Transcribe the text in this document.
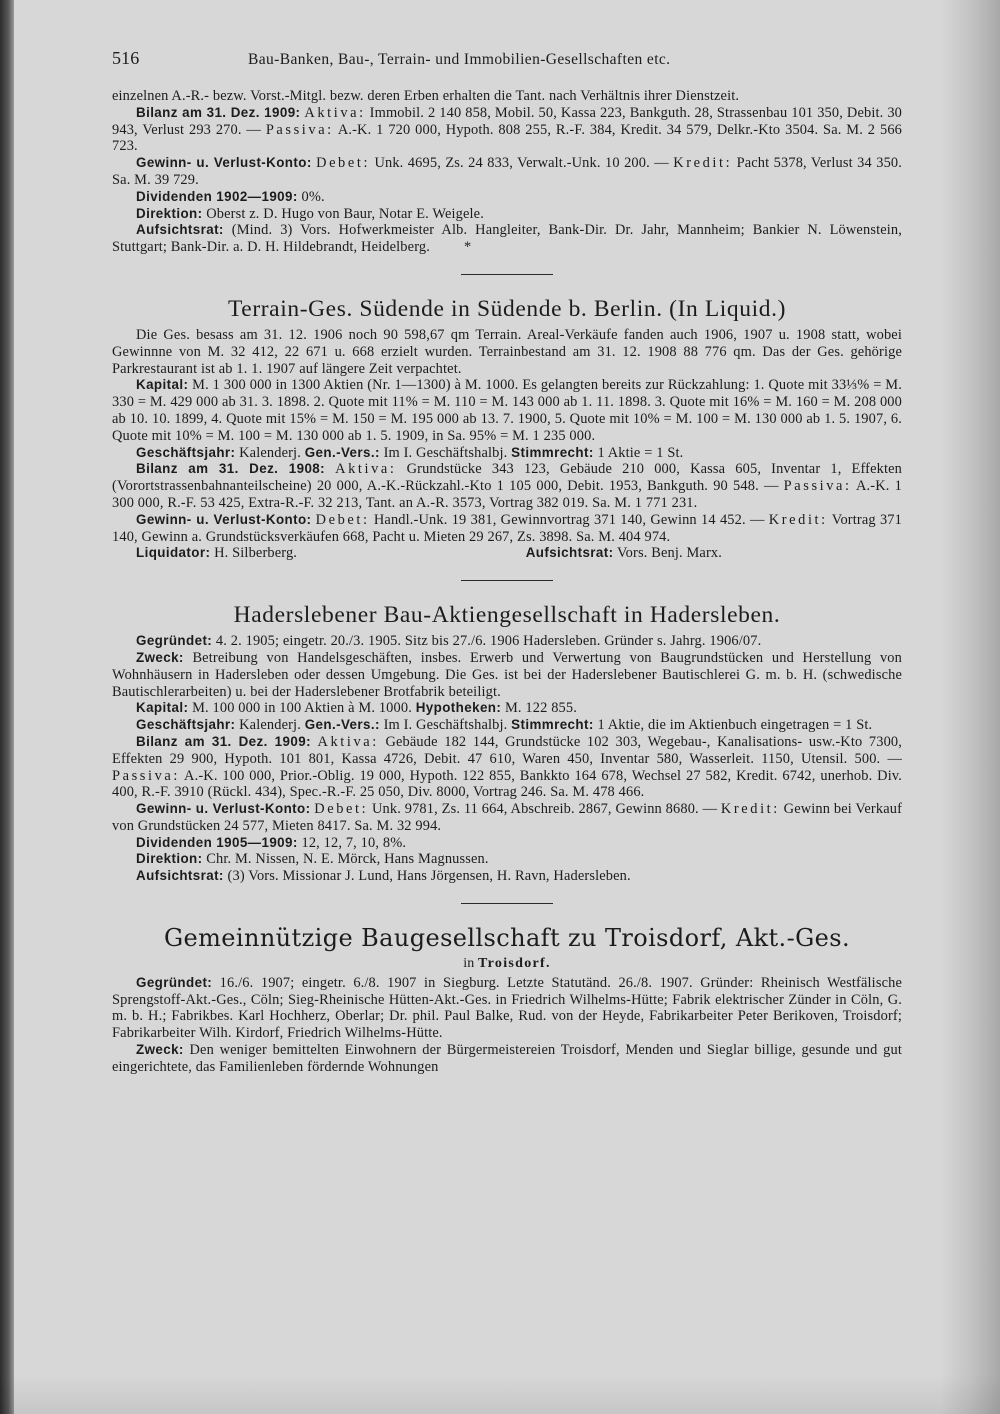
516	Bau-Banken, Bau-, Terrain- und Immobilien-Gesellschaften etc.

einzelnen A.-R.- bezw. Vorst.-Mitgl. bezw. deren Erben erhalten die Tant. nach Verhältnis ihrer Dienstzeit.

Bilanz am 31. Dez. 1909: Aktiva: Immobil. 2 140 858, Mobil. 50, Kassa 223, Bankguth. 28, Strassenbau 101 350, Debit. 30 943, Verlust 293 270. — Passiva: A.-K. 1 720 000, Hypoth. 808 255, R.-F. 384, Kredit. 34 579, Delkr.-Kto 3504. Sa. M. 2 566 723.

Gewinn- u. Verlust-Konto: Debet: Unk. 4695, Zs. 24 833, Verwalt.-Unk. 10 200. — Kredit: Pacht 5378, Verlust 34 350. Sa. M. 39 729.

Dividenden 1902—1909: 0%.

Direktion: Oberst z. D. Hugo von Baur, Notar E. Weigele.

Aufsichtsrat: (Mind. 3) Vors. Hofwerkmeister Alb. Hangleiter, Bank-Dir. Dr. Jahr, Mannheim; Bankier N. Löwenstein, Stuttgart; Bank-Dir. a. D. H. Hildebrandt, Heidelberg. *

Terrain-Ges. Südende in Südende b. Berlin. (In Liquid.)

Die Ges. besass am 31. 12. 1906 noch 90 598,67 qm Terrain. Areal-Verkäufe fanden auch 1906, 1907 u. 1908 statt, wobei Gewinnne von M. 32 412, 22 671 u. 668 erzielt wurden. Terrainbestand am 31. 12. 1908 88 776 qm. Das der Ges. gehörige Parkrestaurant ist ab 1. 1. 1907 auf längere Zeit verpachtet.

Kapital: M. 1 300 000 in 1300 Aktien (Nr. 1—1300) à M. 1000. Es gelangten bereits zur Rückzahlung: 1. Quote mit 33⅓% = M. 330 = M. 429 000 ab 31. 3. 1898. 2. Quote mit 11% = M. 110 = M. 143 000 ab 1. 11. 1898. 3. Quote mit 16% = M. 160 = M. 208 000 ab 10. 10. 1899, 4. Quote mit 15% = M. 150 = M. 195 000 ab 13. 7. 1900, 5. Quote mit 10% = M. 100 = M. 130 000 ab 1. 5. 1907, 6. Quote mit 10% = M. 100 = M. 130 000 ab 1. 5. 1909, in Sa. 95% = M. 1 235 000.

Geschäftsjahr: Kalenderj. Gen.-Vers.: Im I. Geschäftshalbj. Stimmrecht: 1 Aktie = 1 St.

Bilanz am 31. Dez. 1908: Aktiva: Grundstücke 343 123, Gebäude 210 000, Kassa 605, Inventar 1, Effekten (Vorortstrassenbahnanteilscheine) 20 000, A.-K.-Rückzahl.-Kto 1 105 000, Debit. 1953, Bankguth. 90 548. — Passiva: A.-K. 1 300 000, R.-F. 53 425, Extra-R.-F. 32 213, Tant. an A.-R. 3573, Vortrag 382 019. Sa. M. 1 771 231.

Gewinn- u. Verlust-Konto: Debet: Handl.-Unk. 19 381, Gewinnvortrag 371 140, Gewinn 14 452. — Kredit: Vortrag 371 140, Gewinn a. Grundstücksverkäufen 668, Pacht u. Mieten 29 267, Zs. 3898. Sa. M. 404 974.

Liquidator: H. Silberberg.	Aufsichtsrat: Vors. Benj. Marx.
Haderslebener Bau-Aktiengesellschaft in Hadersleben.

Gegründet: 4. 2. 1905; eingetr. 20./3. 1905. Sitz bis 27./6. 1906 Hadersleben. Gründer s. Jahrg. 1906/07.

Zweck: Betreibung von Handelsgeschäften, insbes. Erwerb und Verwertung von Baugrundstücken und Herstellung von Wohnhäusern in Hadersleben oder dessen Umgebung. Die Ges. ist bei der Haderslebener Bautischlerei G. m. b. H. (schwedische Bautischlerarbeiten) u. bei der Haderslebener Brotfabrik beteiligt.

Kapital: M. 100 000 in 100 Aktien à M. 1000. Hypotheken: M. 122 855.

Geschäftsjahr: Kalenderj. Gen.-Vers.: Im I. Geschäftshalbj. Stimmrecht: 1 Aktie, die im Aktienbuch eingetragen = 1 St.

Bilanz am 31. Dez. 1909: Aktiva: Gebäude 182 144, Grundstücke 102 303, Wegebau-, Kanalisations- usw.-Kto 7300, Effekten 29 900, Hypoth. 101 801, Kassa 4726, Debit. 47 610, Waren 450, Inventar 580, Wasserleit. 1150, Utensil. 500. — Passiva: A.-K. 100 000, Prior.-Oblig. 19 000, Hypoth. 122 855, Bankkto 164 678, Wechsel 27 582, Kredit. 6742, unerhob. Div. 400, R.-F. 3910 (Rückl. 434), Spec.-R.-F. 25 050, Div. 8000, Vortrag 246. Sa. M. 478 466.

Gewinn- u. Verlust-Konto: Debet: Unk. 9781, Zs. 11 664, Abschreib. 2867, Gewinn 8680. — Kredit: Gewinn bei Verkauf von Grundstücken 24 577, Mieten 8417. Sa. M. 32 994.

Dividenden 1905—1909: 12, 12, 7, 10, 8%.

Direktion: Chr. M. Nissen, N. E. Mörck, Hans Magnussen.

Aufsichtsrat: (3) Vors. Missionar J. Lund, Hans Jörgensen, H. Ravn, Hadersleben.

Gemeinnützige Baugesellschaft zu Troisdorf, Akt.-Ges.
in Troisdorf.

Gegründet: 16./6. 1907; eingetr. 6./8. 1907 in Siegburg. Letzte Statutänd. 26./8. 1907. Gründer: Rheinisch Westfälische Sprengstoff-Akt.-Ges., Cöln; Sieg-Rheinische Hütten-Akt.-Ges. in Friedrich Wilhelms-Hütte; Fabrik elektrischer Zünder in Cöln, G. m. b. H.; Fabrikbes. Karl Hochherz, Oberlar; Dr. phil. Paul Balke, Rud. von der Heyde, Fabrikarbeiter Peter Berikoven, Troisdorf; Fabrikarbeiter Wilh. Kirdorf, Friedrich Wilhelms-Hütte.

Zweck: Den weniger bemittelten Einwohnern der Bürgermeistereien Troisdorf, Menden und Sieglar billige, gesunde und gut eingerichtete, das Familienleben fördernde Wohnungen
